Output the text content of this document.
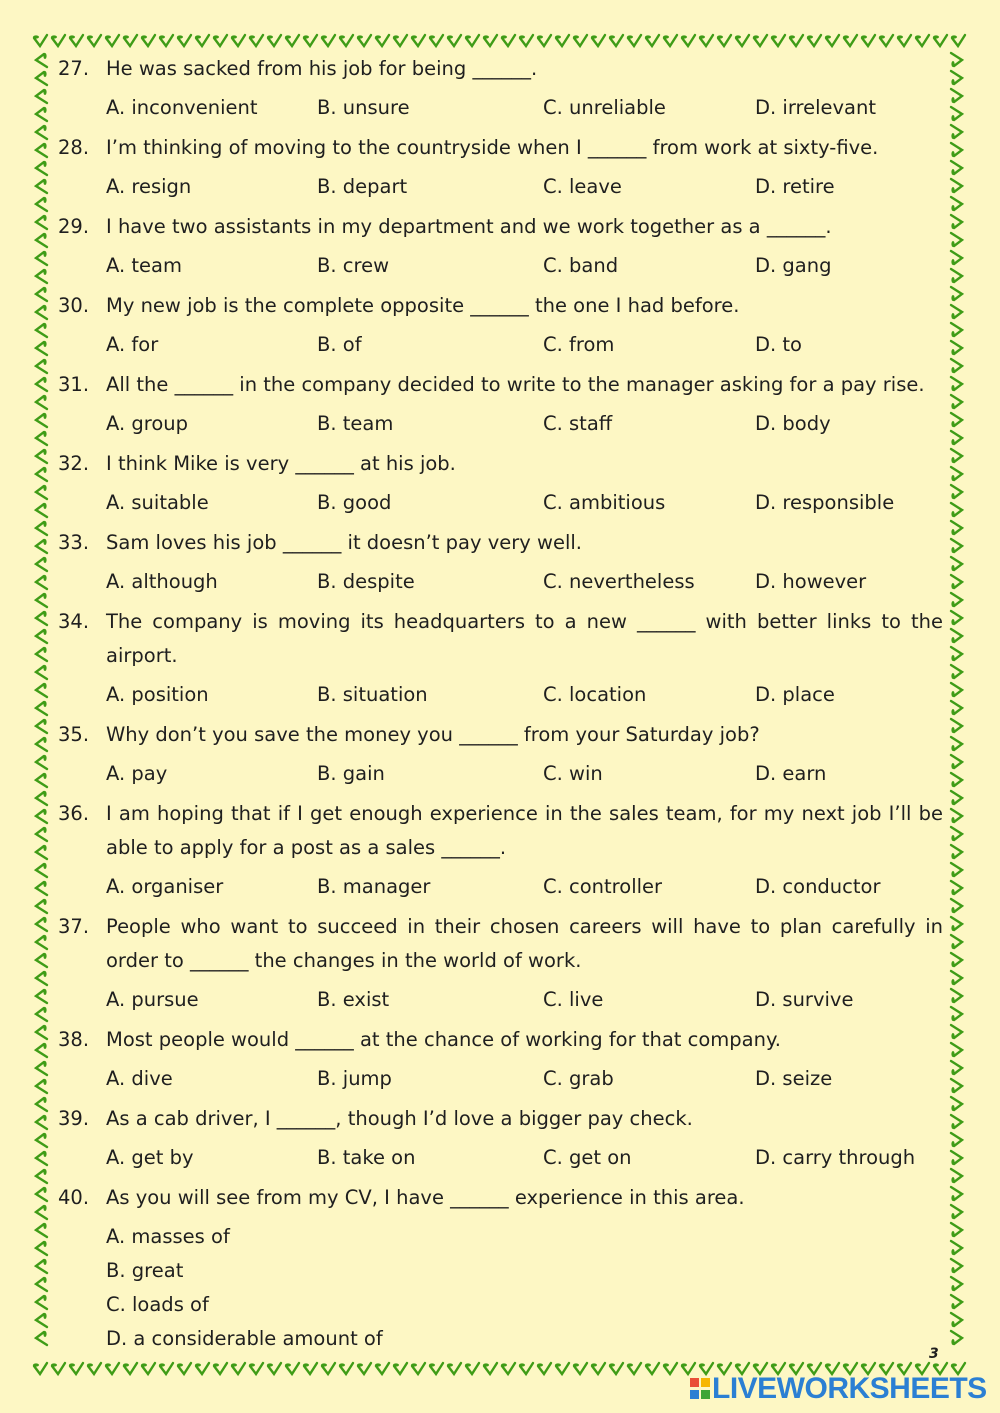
27. He was sacked from his job for being ______.
A. inconvenient	B. unsure	C. unreliable	D. irrelevant
28. I’m thinking of moving to the countryside when I ______ from work at sixty-five.
A. resign	B. depart	C. leave	D. retire
29. I have two assistants in my department and we work together as a ______.
A. team	B. crew	C. band	D. gang
30. My new job is the complete opposite ______ the one I had before.
A. for	B. of	C. from	D. to
31. All the ______ in the company decided to write to the manager asking for a pay rise.
A. group	B. team	C. staff	D. body
32. I think Mike is very ______ at his job.
A. suitable	B. good	C. ambitious	D. responsible
33. Sam loves his job ______ it doesn’t pay very well.
A. although	B. despite	C. nevertheless	D. however
34. The company is moving its headquarters to a new ______ with better links to the airport.
A. position	B. situation	C. location	D. place
35. Why don’t you save the money you ______ from your Saturday job?
A. pay	B. gain	C. win	D. earn
36. I am hoping that if I get enough experience in the sales team, for my next job I’ll be able to apply for a post as a sales ______.
A. organiser	B. manager	C. controller	D. conductor
37. People who want to succeed in their chosen careers will have to plan carefully in order to ______ the changes in the world of work.
A. pursue	B. exist	C. live	D. survive
38. Most people would ______ at the chance of working for that company.
A. dive	B. jump	C. grab	D. seize
39. As a cab driver, I ______, though I’d love a bigger pay check.
A. get by	B. take on	C. get on	D. carry through
40. As you will see from my CV, I have ______ experience in this area.
A. masses of
B. great
C. loads of
D. a considerable amount of
3
LIVEWORKSHEETS
